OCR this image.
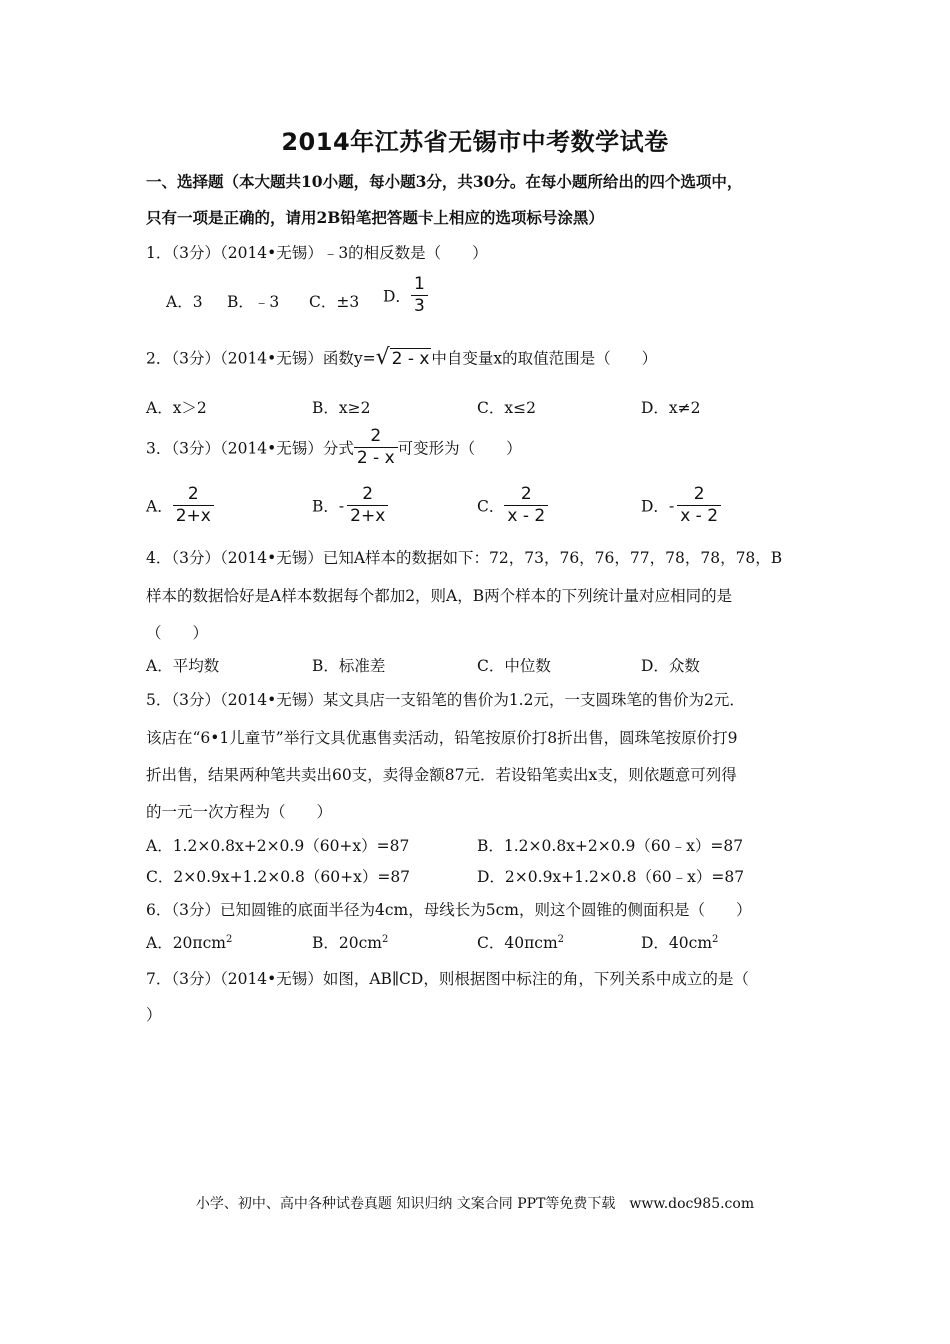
2014年江苏省无锡市中考数学试卷
一、选择题（本大题共10小题，每小题3分，共30分。在每小题所给出的四个选项中，
只有一项是正确的，请用2B铅笔把答题卡上相应的选项标号涂黑）
1．（3分）（2014•无锡）﹣3的相反数是（　　）
A．3 B．﹣3 C．±3 D． $\frac{1}{3}$
2．（3分）（2014•无锡）函数y=√ 2 - x 中自变量x的取值范围是（　　）
A．x＞2	B．x≥2	C．x≤2	D．x≠2
3．（3分）（2014•无锡）分式 $\frac{2}{2 - x}$ 可变形为（　　）
A． $\frac{2}{2+x}$	B．- $\frac{2}{2+x}$	C． $\frac{2}{x - 2}$	D．- $\frac{2}{x - 2}$
4．（3分）（2014•无锡）已知A样本的数据如下：72，73，76，76，77，78，78，78，B
样本的数据恰好是A样本数据每个都加2，则A，B两个样本的下列统计量对应相同的是
（　　）
A．平均数	B．标准差	C．中位数	D．众数
5．（3分）（2014•无锡）某文具店一支铅笔的售价为1.2元，一支圆珠笔的售价为2元．
该店在“6•1儿童节”举行文具优惠售卖活动，铅笔按原价打8折出售，圆珠笔按原价打9
折出售，结果两种笔共卖出60支，卖得金额87元．若设铅笔卖出x支，则依题意可列得
的一元一次方程为（　　）
A．1.2×0.8x+2×0.9（60+x）=87	B．1.2×0.8x+2×0.9（60﹣x）=87
C．2×0.9x+1.2×0.8（60+x）=87	D．2×0.9x+1.2×0.8（60﹣x）=87
6．（3分）已知圆锥的底面半径为4cm，母线长为5cm，则这个圆锥的侧面积是（　　）
A．20πcm$^2$	B．$20cm^2$	C．40πcm$^2$	D．$40cm^2$
7．（3分）（2014•无锡）如图，AB∥CD，则根据图中标注的角，下列关系中成立的是（
）
小学、初中、高中各种试卷真题 知识归纳 文案合同 PPT等免费下载　www.doc985.com
